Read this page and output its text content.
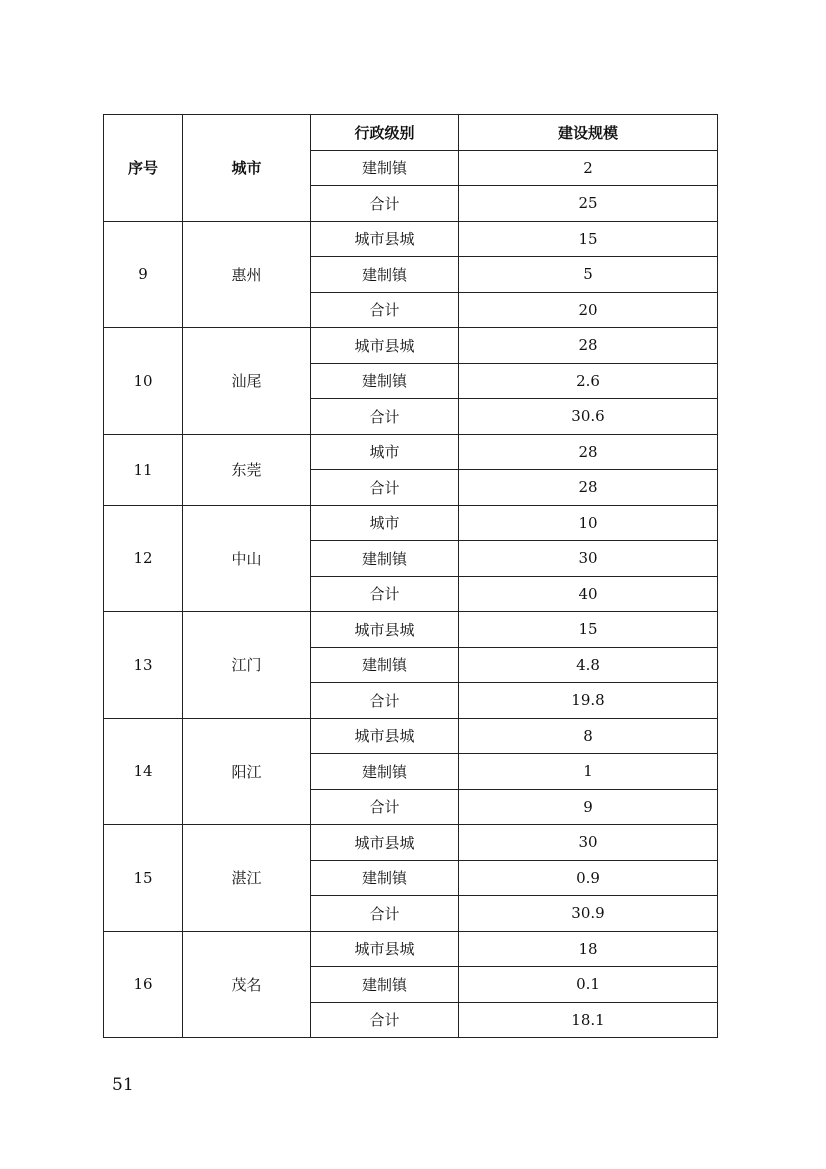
序号	城市	行政级别	建设规模
		建制镇	2
		合计	25
9	惠州	城市县城	15
		建制镇	5
		合计	20
10	汕尾	城市县城	28
		建制镇	2.6
		合计	30.6
11	东莞	城市	28
		合计	28
12	中山	城市	10
		建制镇	30
		合计	40
13	江门	城市县城	15
		建制镇	4.8
		合计	19.8
14	阳江	城市县城	8
		建制镇	1
		合计	9
15	湛江	城市县城	30
		建制镇	0.9
		合计	30.9
16	茂名	城市县城	18
		建制镇	0.1
		合计	18.1
51
